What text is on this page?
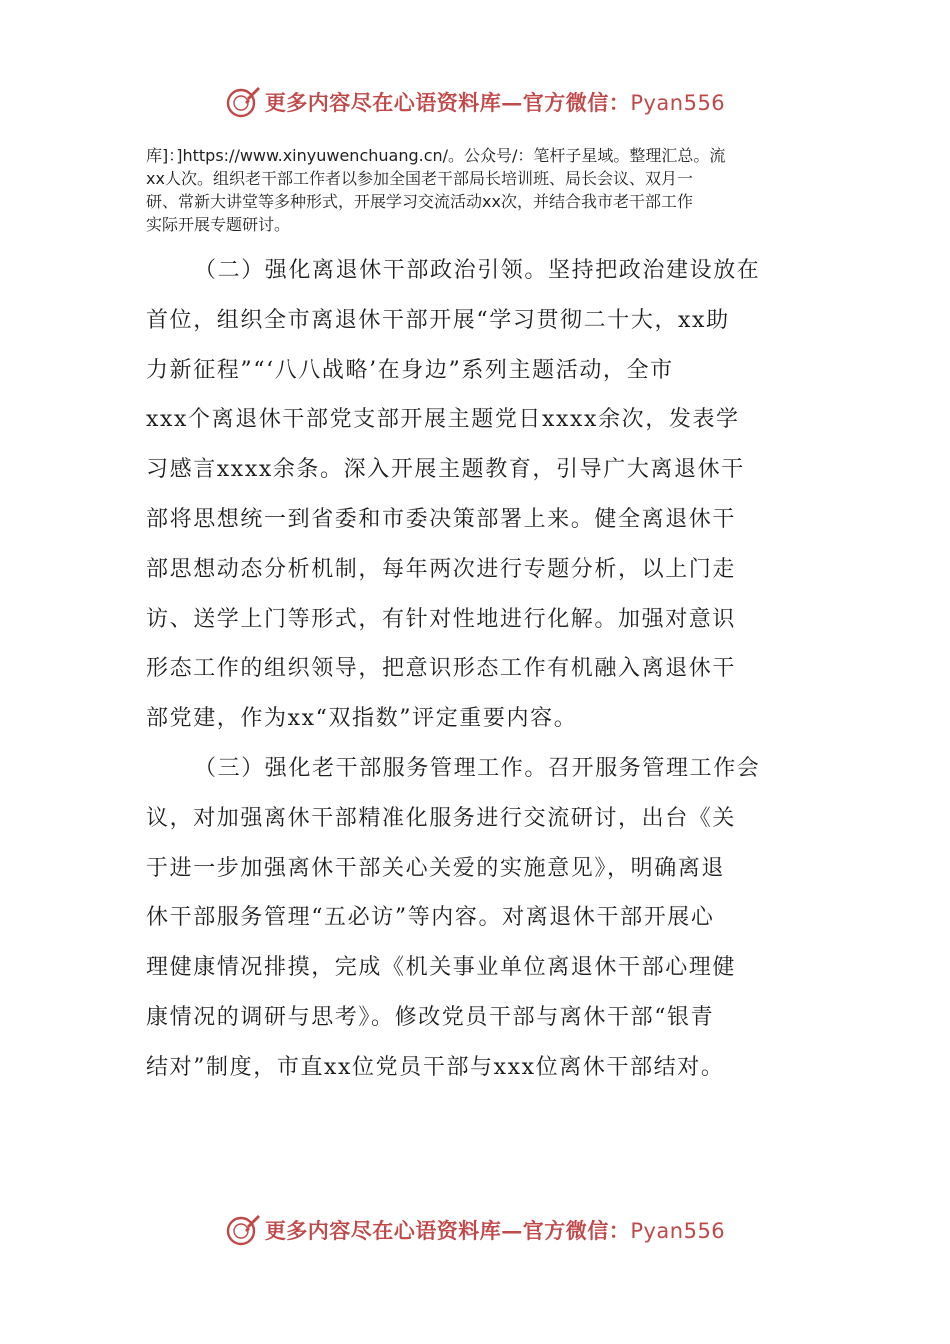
更多内容尽在心语资料库—官方微信：Pyan556

库]：]https://www.xinyuwenchuang.cn/。公众号/：笔杆子星域。整理汇总。流

xx人次。组织老干部工作者以参加全国老干部局长培训班、局长会议、双月一

研、常新大讲堂等多种形式，开展学习交流活动xx次，并结合我市老干部工作

实际开展专题研讨。

（二）强化离退休干部政治引领。坚持把政治建设放在

首位，组织全市离退休干部开展“学习贯彻二十大，xx助

力新征程”“‘八八战略’在身边”系列主题活动，全市

xxx个离退休干部党支部开展主题党日xxxx余次，发表学

习感言xxxx余条。深入开展主题教育，引导广大离退休干

部将思想统一到省委和市委决策部署上来。健全离退休干

部思想动态分析机制，每年两次进行专题分析，以上门走

访、送学上门等形式，有针对性地进行化解。加强对意识

形态工作的组织领导，把意识形态工作有机融入离退休干

部党建，作为xx“双指数”评定重要内容。

（三）强化老干部服务管理工作。召开服务管理工作会

议，对加强离休干部精准化服务进行交流研讨，出台《关

于进一步加强离休干部关心关爱的实施意见》，明确离退

休干部服务管理“五必访”等内容。对离退休干部开展心

理健康情况排摸，完成《机关事业单位离退休干部心理健

康情况的调研与思考》。修改党员干部与离休干部“银青

结对”制度，市直xx位党员干部与xxx位离休干部结对。

更多内容尽在心语资料库—官方微信：Pyan556
